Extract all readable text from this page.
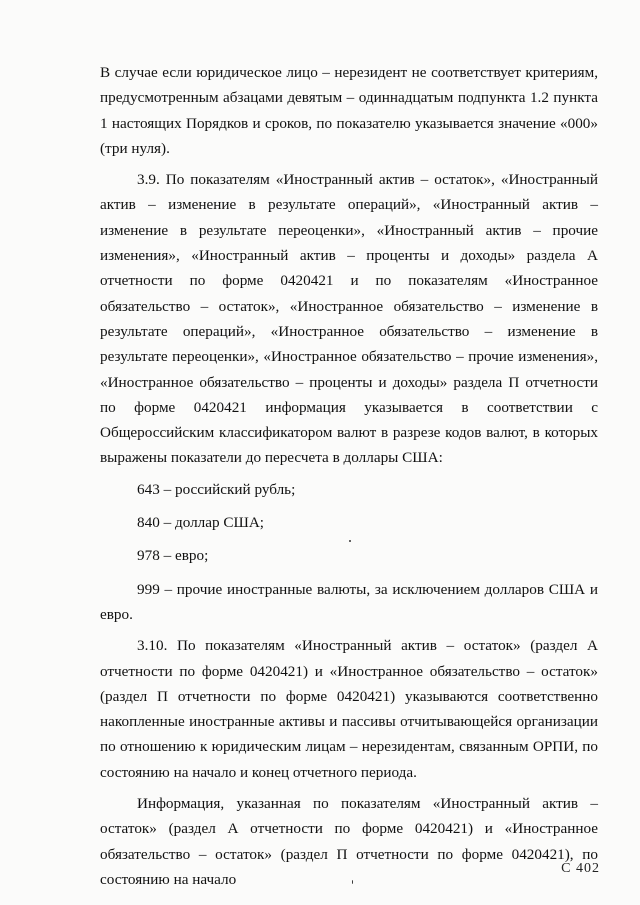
В случае если юридическое лицо – нерезидент не соответствует критериям, предусмотренным абзацами девятым – одиннадцатым подпункта 1.2 пункта 1 настоящих Порядков и сроков, по показателю указывается значение «000» (три нуля).

3.9. По показателям «Иностранный актив – остаток», «Иностранный актив – изменение в результате операций», «Иностранный актив – изменение в результате переоценки», «Иностранный актив – прочие изменения», «Иностранный актив – проценты и доходы» раздела А отчетности по форме 0420421 и по показателям «Иностранное обязательство – остаток», «Иностранное обязательство – изменение в результате операций», «Иностранное обязательство – изменение в результате переоценки», «Иностранное обязательство – прочие изменения», «Иностранное обязательство – проценты и доходы» раздела П отчетности по форме 0420421 информация указывается в соответствии с Общероссийским классификатором валют в разрезе кодов валют, в которых выражены показатели до пересчета в доллары США:

643 – российский рубль;

840 – доллар США;

978 – евро;

999 – прочие иностранные валюты, за исключением долларов США и евро.

3.10. По показателям «Иностранный актив – остаток» (раздел А отчетности по форме 0420421) и «Иностранное обязательство – остаток» (раздел П отчетности по форме 0420421) указываются соответственно накопленные иностранные активы и пассивы отчитывающейся организации по отношению к юридическим лицам – нерезидентам, связанным ОРПИ, по состоянию на начало и конец отчетного периода.

Информация, указанная по показателям «Иностранный актив – остаток» (раздел А отчетности по форме 0420421) и «Иностранное обязательство – остаток» (раздел П отчетности по форме 0420421), по состоянию на начало

С 402
